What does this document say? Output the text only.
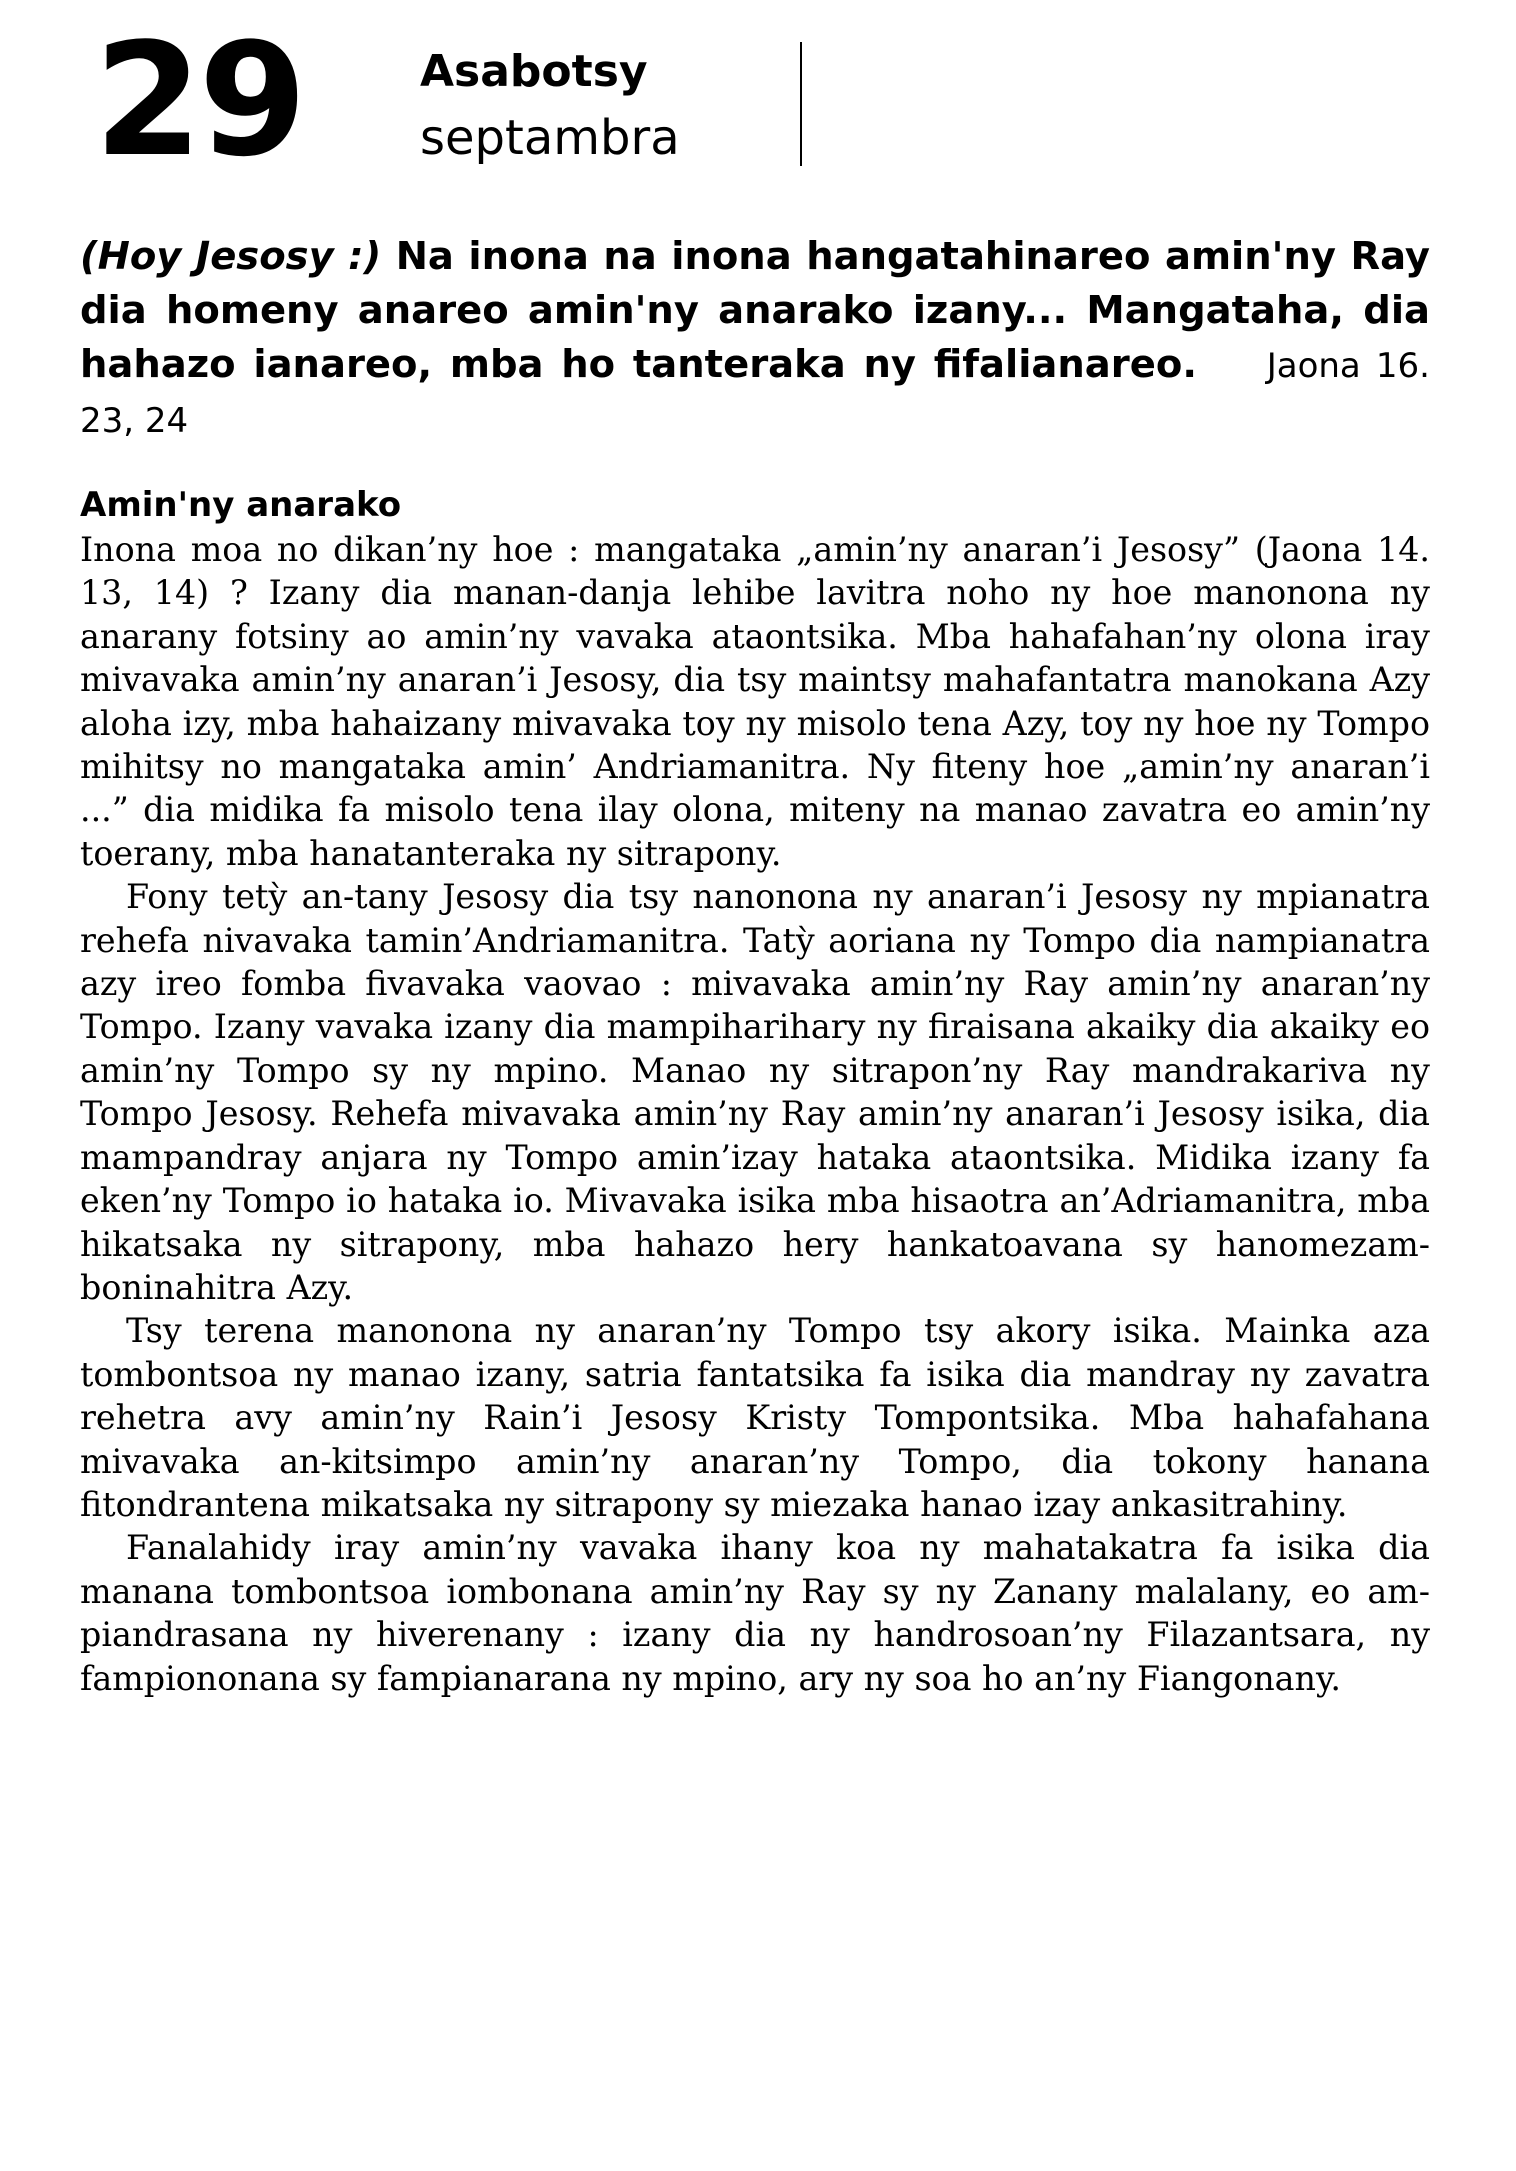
29	Asabotsy
septambra
(Hoy Jesosy :) Na inona na inona hangatahinareo amin'ny Ray dia homeny anareo amin'ny anarako izany... Mangataha, dia hahazo ianareo, mba ho tanteraka ny fifalianareo. Jaona 16. 23, 24
Amin'ny anarako

Inona moa no dikan’ny hoe : mangataka „amin’ny anaran’i Jesosy” (Jaona 14. 13, 14) ? Izany dia manan-danja lehibe lavitra noho ny hoe manonona ny anarany fotsiny ao amin’ny vavaka ataontsika. Mba hahafahan’ny olona iray mivavaka amin’ny anaran’i Jesosy, dia tsy maintsy mahafantatra manokana Azy aloha izy, mba hahaizany mivavaka toy ny misolo tena Azy, toy ny hoe ny Tompo mihitsy no mangataka amin’ Andriamanitra. Ny fiteny hoe „amin’ny anaran’i ...” dia midika fa misolo tena ilay olona, miteny na manao zavatra eo amin’ny toerany, mba hanatanteraka ny sitrapony.

Fony tetỳ an-tany Jesosy dia tsy nanonona ny anaran’i Jesosy ny mpianatra rehefa nivavaka tamin’Andriamanitra. Tatỳ aoriana ny Tompo dia nampianatra azy ireo fomba fivavaka vaovao : mivavaka amin’ny Ray amin’ny anaran’ny Tompo. Izany vavaka izany dia mampiharihary ny firaisana akaiky dia akaiky eo amin’ny Tompo sy ny mpino. Manao ny sitrapon’ny Ray mandrakariva ny Tompo Jesosy. Rehefa mivavaka amin’ny Ray amin’ny anaran’i Jesosy isika, dia mampandray anjara ny Tompo amin’izay hataka ataontsika. Midika izany fa eken’ny Tompo io hataka io. Mivavaka isika mba hisaotra an’Adriamanitra, mba hikatsaka ny sitrapony, mba hahazo hery hankatoavana sy hanomezam-boninahitra Azy.

Tsy terena manonona ny anaran’ny Tompo tsy akory isika. Mainka aza tombontsoa ny manao izany, satria fantatsika fa isika dia mandray ny zavatra rehetra avy amin’ny Rain’i Jesosy Kristy Tompontsika. Mba hahafahana mivavaka an-kitsimpo amin’ny anaran’ny Tompo, dia tokony hanana fitondrantena mikatsaka ny sitrapony sy miezaka hanao izay ankasitrahiny.

Fanalahidy iray amin’ny vavaka ihany koa ny mahatakatra fa isika dia manana tombontsoa iombonana amin’ny Ray sy ny Zanany malalany, eo am-piandrasana ny hiverenany : izany dia ny handrosoan’ny Filazantsara, ny fampiononana sy fampianarana ny mpino, ary ny soa ho an’ny Fiangonany.
